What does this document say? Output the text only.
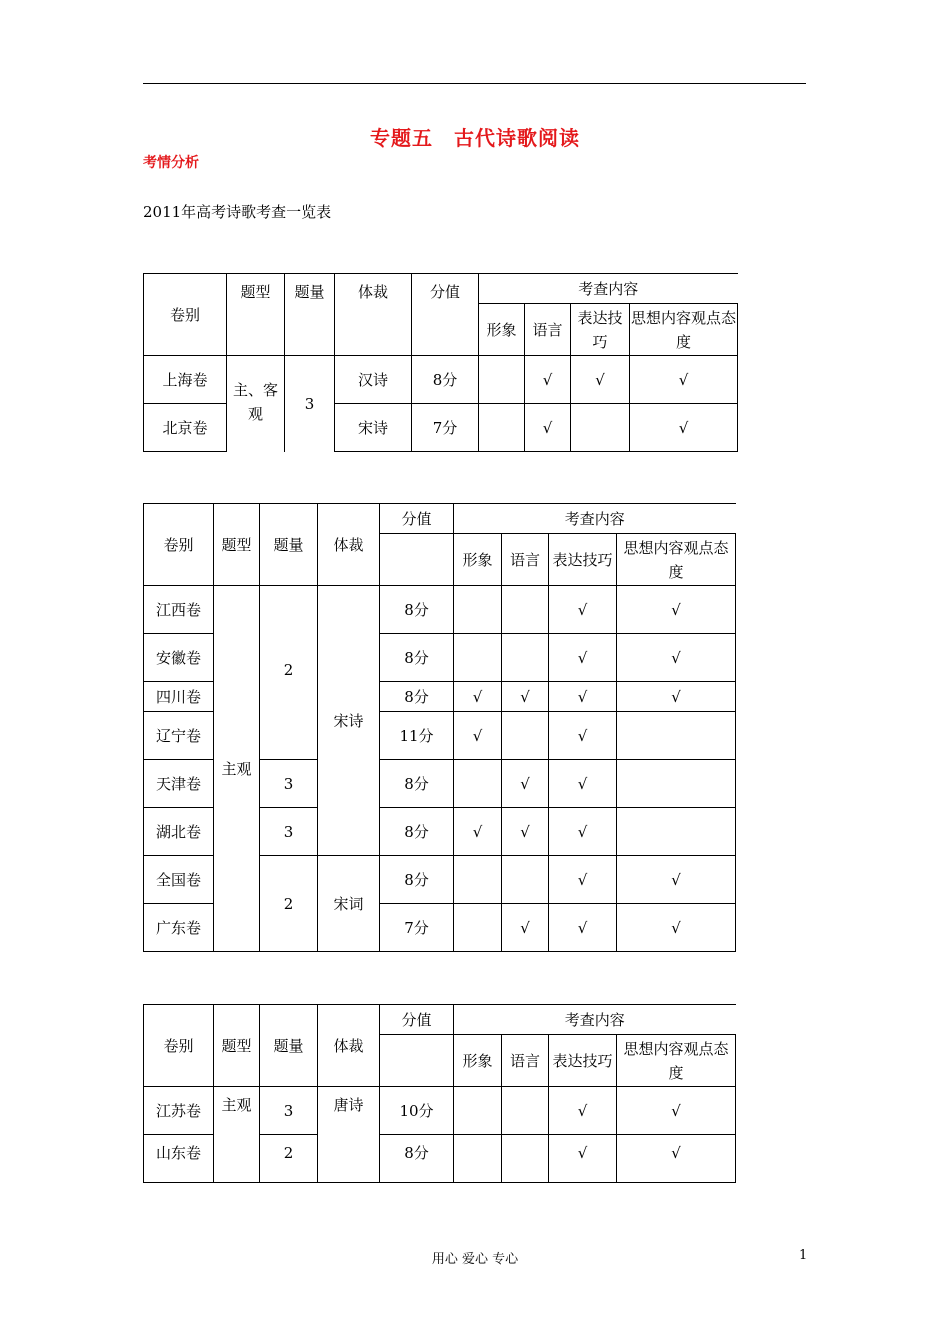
专题五　古代诗歌阅读
考情分析
2011年高考诗歌考查一览表
卷别	题型	题量	体裁	分值	考查内容			
					形象	语言	表达技巧	思想内容观点态度
上海卷	主、客观	3	汉诗	8分		√	√	√
北京卷			宋诗	7分		√		√
卷别	题型	题量	体裁	分值	考查内容			
					形象	语言	表达技巧	思想内容观点态度
江西卷	主观	2	宋诗	8分			√	√
安徽卷				8分			√	√
四川卷				8分	√	√	√	√
辽宁卷				11分	√		√	
天津卷		3		8分		√	√	
湖北卷		3		8分	√	√	√	
全国卷		2	宋词	8分			√	√
广东卷				7分		√	√	√
卷别	题型	题量	体裁	分值	考查内容			
					形象	语言	表达技巧	思想内容观点态度
江苏卷	主观	3	唐诗	10分			√	√
山东卷		2		8分			√	√
用心 爱心 专心	1
